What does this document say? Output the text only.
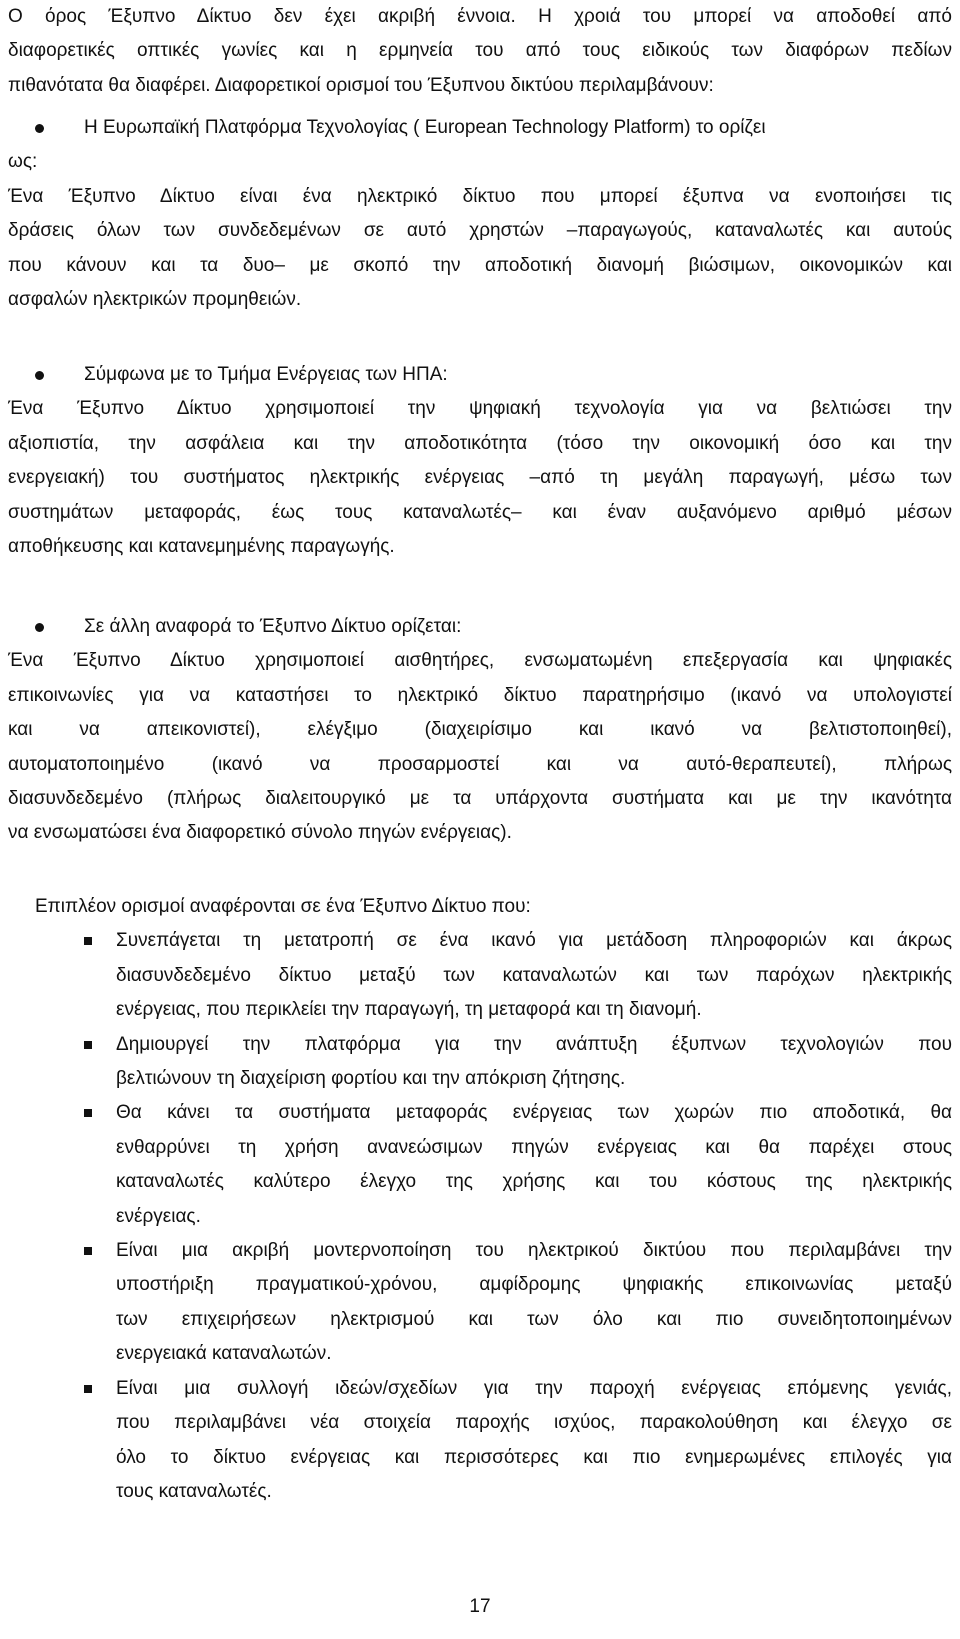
Ο όρος Έξυπνο Δίκτυο δεν έχει ακριβή έννοια. Η χροιά του μπορεί να αποδοθεί από
διαφορετικές οπτικές γωνίες και η ερμηνεία του από τους ειδικούς των διαφόρων πεδίων
πιθανότατα θα διαφέρει. Διαφορετικοί ορισμοί του Έξυπνου δικτύου περιλαμβάνουν:

Η Ευρωπαϊκή Πλατφόρμα Τεχνολογίας ( European Technology Platform) το ορίζει

ως:

Ένα Έξυπνο Δίκτυο είναι ένα ηλεκτρικό δίκτυο που μπορεί έξυπνα να ενοποιήσει τις
δράσεις όλων των συνδεδεμένων σε αυτό χρηστών –παραγωγούς, καταναλωτές και αυτούς
που κάνουν και τα δυο– με σκοπό την αποδοτική διανομή βιώσιμων, οικονομικών και
ασφαλών ηλεκτρικών προμηθειών.

Σύμφωνα με το Τμήμα Ενέργειας των ΗΠΑ:

Ένα Έξυπνο Δίκτυο χρησιμοποιεί την ψηφιακή τεχνολογία για να βελτιώσει την
αξιοπιστία, την ασφάλεια και την αποδοτικότητα (τόσο την οικονομική όσο και την
ενεργειακή) του συστήματος ηλεκτρικής ενέργειας –από τη μεγάλη παραγωγή, μέσω των
συστημάτων μεταφοράς, έως τους καταναλωτές– και έναν αυξανόμενο αριθμό μέσων
αποθήκευσης και κατανεμημένης παραγωγής.

Σε άλλη αναφορά το Έξυπνο Δίκτυο ορίζεται:

Ένα Έξυπνο Δίκτυο χρησιμοποιεί αισθητήρες, ενσωματωμένη επεξεργασία και ψηφιακές
επικοινωνίες για να καταστήσει το ηλεκτρικό δίκτυο παρατηρήσιμο (ικανό να υπολογιστεί
και να απεικονιστεί), ελέγξιμο (διαχειρίσιμο και ικανό να βελτιστοποιηθεί),
αυτοματοποιημένο (ικανό να προσαρμοστεί και να αυτό-θεραπευτεί), πλήρως
διασυνδεδεμένο (πλήρως διαλειτουργικό με τα υπάρχοντα συστήματα και με την ικανότητα
να ενσωματώσει ένα διαφορετικό σύνολο πηγών ενέργειας).

Επιπλέον ορισμοί αναφέρονται σε ένα Έξυπνο Δίκτυο που:

Συνεπάγεται τη μετατροπή σε ένα ικανό για μετάδοση πληροφοριών και άκρως
διασυνδεδεμένο δίκτυο μεταξύ των καταναλωτών και των παρόχων ηλεκτρικής
ενέργειας, που περικλείει την παραγωγή, τη μεταφορά και τη διανομή.

Δημιουργεί την πλατφόρμα για την ανάπτυξη έξυπνων τεχνολογιών που
βελτιώνουν τη διαχείριση φορτίου και την απόκριση ζήτησης.

Θα κάνει τα συστήματα μεταφοράς ενέργειας των χωρών πιο αποδοτικά, θα
ενθαρρύνει τη χρήση ανανεώσιμων πηγών ενέργειας και θα παρέχει στους
καταναλωτές καλύτερο έλεγχο της χρήσης και του κόστους της ηλεκτρικής
ενέργειας.

Είναι μια ακριβή μοντερνοποίηση του ηλεκτρικού δικτύου που περιλαμβάνει την
υποστήριξη πραγματικού-χρόνου, αμφίδρομης ψηφιακής επικοινωνίας μεταξύ
των επιχειρήσεων ηλεκτρισμού και των όλο και πιο συνειδητοποιημένων
ενεργειακά καταναλωτών.

Είναι μια συλλογή ιδεών/σχεδίων για την παροχή ενέργειας επόμενης γενιάς,
που περιλαμβάνει νέα στοιχεία παροχής ισχύος, παρακολούθηση και έλεγχο σε
όλο το δίκτυο ενέργειας και περισσότερες και πιο ενημερωμένες επιλογές για
τους καταναλωτές.

17
